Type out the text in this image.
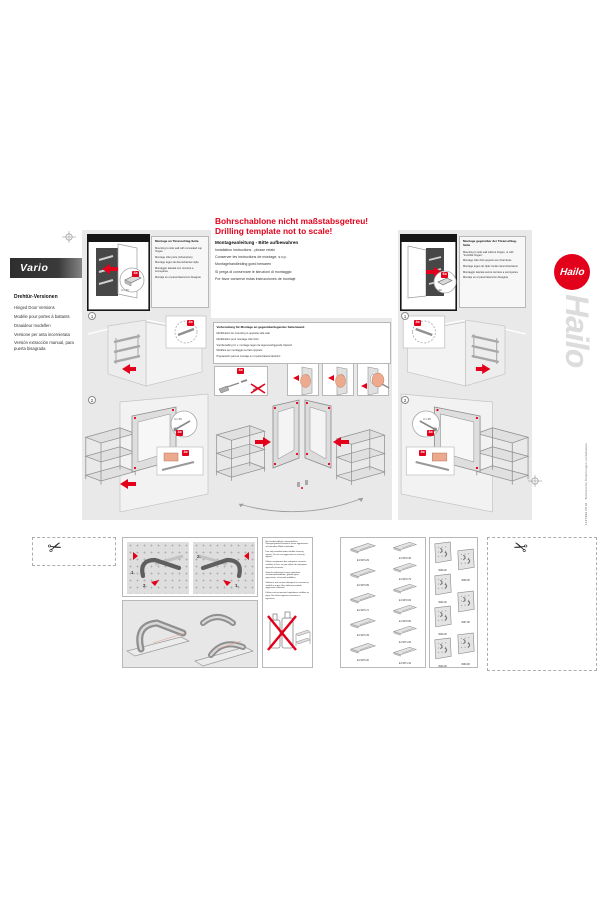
Vario
Drehtür-Versionen

Hinged Door Versions

Modèle pour portes à battants

Draaideur modellen

Versione per anta incernierata

Versión extracción manual, para puerta bisagrada

Bohrschablone nicht maßstabsgetreu!
Drilling template not to scale!
Montageanleitung - Bitte aufbewahren

Installation instructions - please retain

Conserver les instructions de montage, s.v.p.

Montagehandleiding goed bewaren

Si prega di conservare le istruzioni di montaggio

Por favor conserve estas instrucciones de montaje

Montage an Türanschlag-Seite

Mounting to side wall with concealed cup hinges

Montage côté porte (Charnières)

Montage tegen de deurscharnier-zijde

Montaggio laterale con cerniere a scomparsa

Montaje en el panel lateral con bisagras

Montage gegenüber der Türanschlag-Seite

Mounting to side wall without hinges, or with "Invisible hinges"

Montage côté droit opposé aux charnières

Montage tegen de zijde zonder deurscharnieren

Montaggio laterale senza cerniere a scomparsa

Montaje en el panel lateral sin bisagras

1
2
1
2
Vorbereitung für Montage an gegenüberliegender Seitenwand

Modification for mounting to opposite side wall

Modification pour montage côté droit

Voorbereiding t.b.v. montage tegen de tegenoverliggende zijwand

Modifica per montaggio sul lato opposto

Preparación para el montaje en el panel lateral derecho

4x
4 x 40
6x
4 x 40
4x	4x
4 x 45
4x
4x
4 x 45
4x
4x
4x
✂	✂
1.
2.
2.
1.

Nur handelsübliche, wasserlösliche Reinigungsmittel benutzen, keine aggressiven, scheuernden Mittel verwenden.

Use only standard water-soluble cleaning agents. Do not use aggressive or scouring agents!

Utiliser uniquement des nettoyants courants solubles à l'eau, ne pas utiliser de nettoyants agressifs récurants.

Gebruik uitsluitend in water oplosbare schoonmaakmiddelen, gebruik geen agressieve, schurende middelen.

Utilizzare solo comuni detergenti in commercio, solubili in acqua. Non utilizzare prodotti aggressivi o abrasivi.

Utilizar exclusivamente limpiadores solubles en agua. No utilizar agentes corrosivos o agresivos.

E1 9070-29
E1 9070-89
E1 9070-71
E1 9070-49
E1 9070-40
E1 9070-39
E1 9070-79
E1 9070-09
E1 9070-99
E1 9071-09
E1 9071-19
3906-00
3902-00
3903-00
3904-00
3906-08
3907-08
3909-08
Hailo
Hailo
1127999 08 M · Technische Änderungen vorbehalten
